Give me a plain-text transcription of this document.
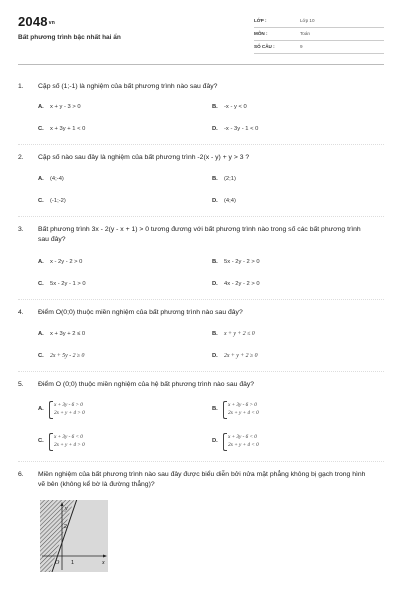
2048vn
Bất phương trình bậc nhất hai ẩn
LỚP :	Lớp 10
MÔN :	Toán
SỐ CÂU :	9
1. Cặp số (1;-1) là nghiệm của bất phương trình nào sau đây?
A. x + y - 3 > 0	B. -x - y < 0
C. x + 3y + 1 < 0	D. -x - 3y - 1 < 0
2. Cặp số nào sau đây là nghiệm của bất phương trình -2(x - y) + y > 3 ?
A. (4;-4)	B. (2;1)
C. (-1;-2)	D. (4;4)
3. Bất phương trình 3x - 2(y - x + 1) > 0 tương đương với bất phương trình nào trong số các bất phương trình sau đây?
A. x - 2y - 2 > 0	B. 5x - 2y - 2 > 0
C. 5x - 2y - 1 > 0	D. 4x - 2y - 2 > 0
4. Điểm O(0;0) thuộc miền nghiệm của bất phương trình nào sau đây?
A. x + 3y + 2 ≤ 0	B. x + y + 2 ≤ 0
C. 2x + 5y - 2 ≥ 0	D. 2x + y + 2 ≥ 0
5. Điểm O (0;0) thuộc miền nghiệm của hệ bất phương trình nào sau đây?
A.
x + 3y - 6 > 0
2x + y + 4 > 0
B.
x + 3y - 6 > 0
2x + y + 4 < 0
C.
x + 3y - 6 < 0
2x + y + 4 > 0
D.
x + 3y - 6 < 0
2x + y + 4 < 0
6. Miền nghiệm của bất phương trình nào sau đây được biểu diễn bởi nửa mặt phẳng không bị gạch trong hình vẽ bên (không kể bờ là đường thẳng)?
y
x
O
2
1
